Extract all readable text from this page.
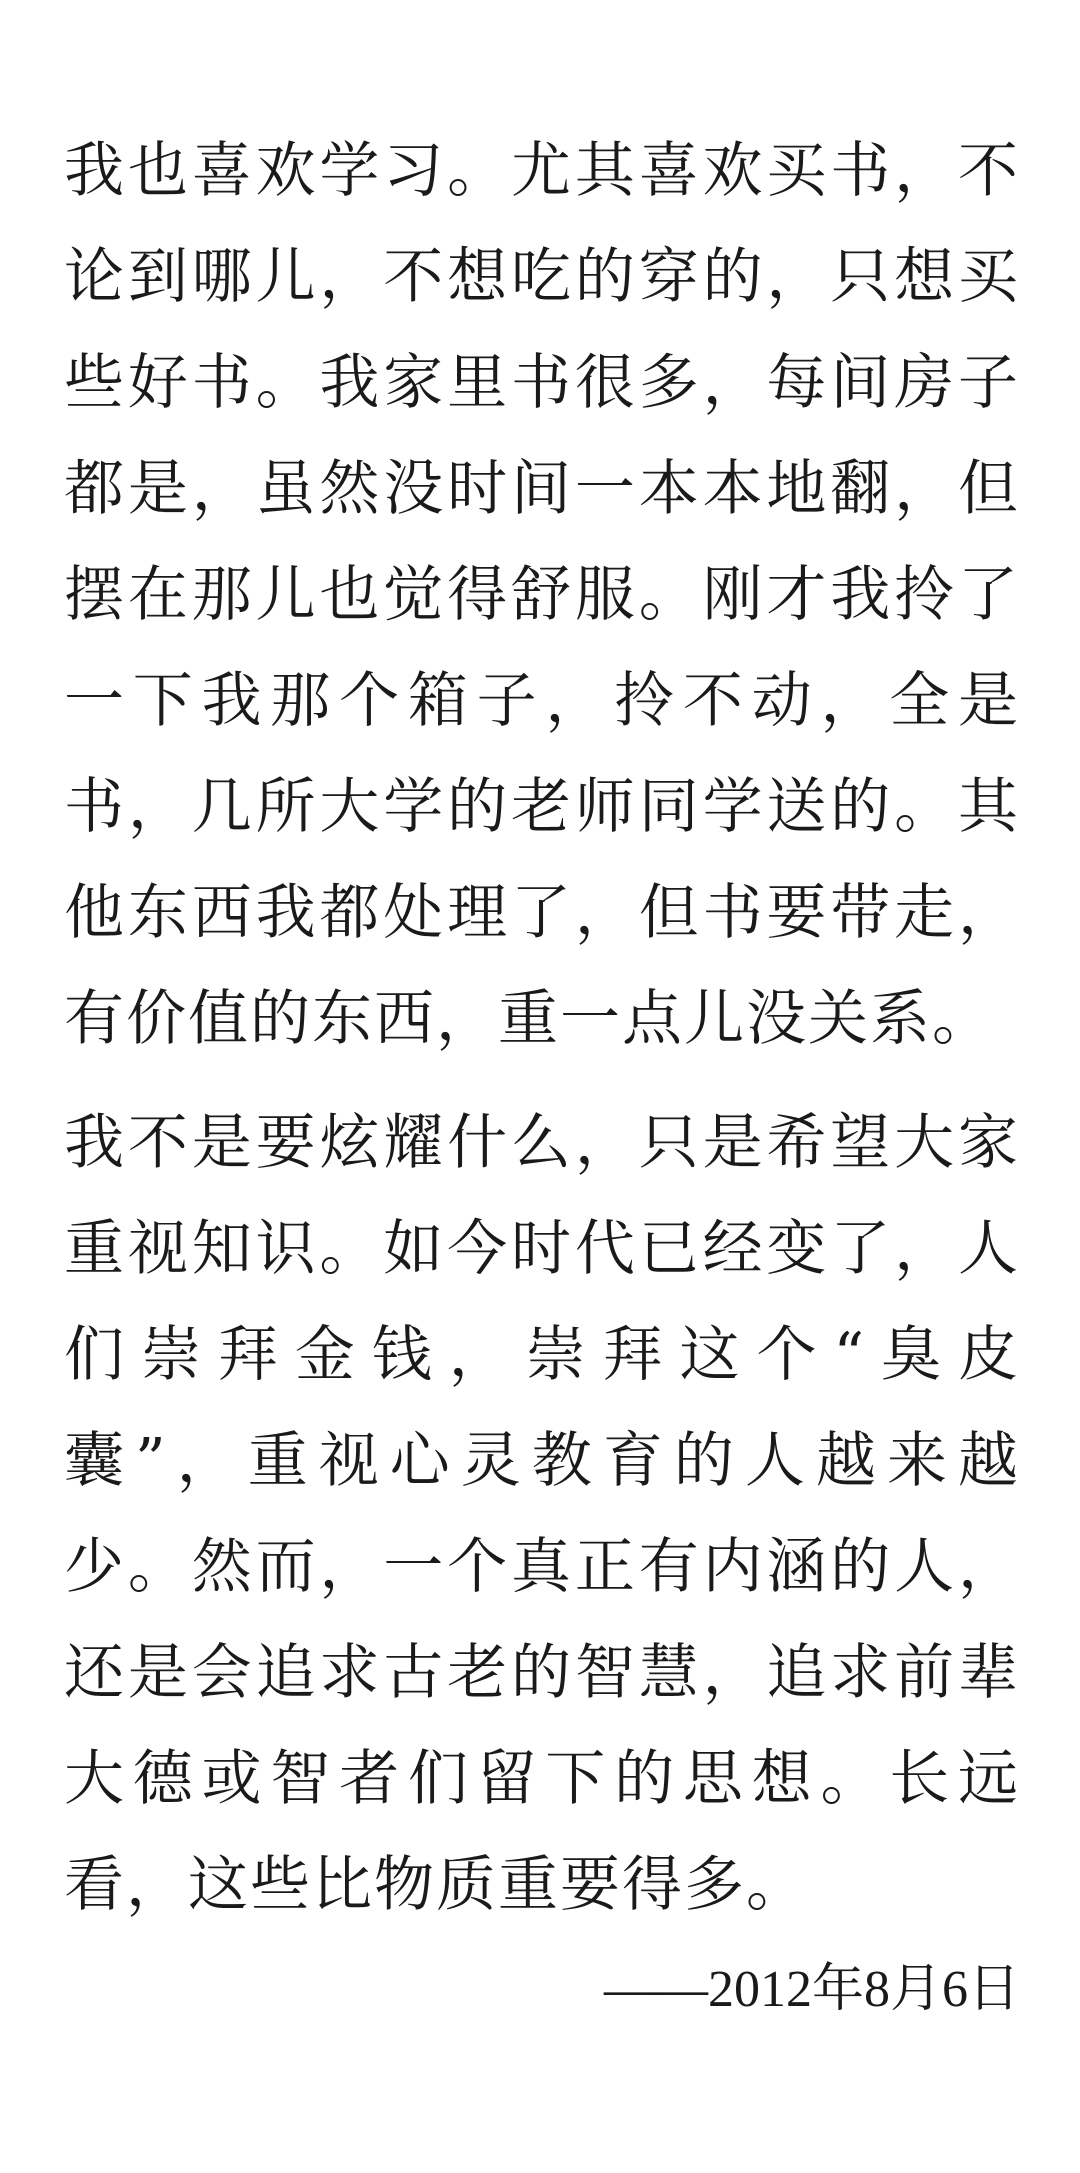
我也喜欢学习。尤其喜欢买书，不
论到哪儿，不想吃的穿的，只想买
些好书。我家里书很多，每间房子
都是，虽然没时间一本本地翻，但
摆在那儿也觉得舒服。刚才我拎了
一下我那个箱子，拎不动，全是
书，几所大学的老师同学送的。其
他东西我都处理了，但书要带走，
有价值的东西，重一点儿没关系。

我不是要炫耀什么，只是希望大家
重视知识。如今时代已经变了，人
们崇拜金钱，崇拜这个“臭皮
囊”，重视心灵教育的人越来越
少。然而，一个真正有内涵的人，
还是会追求古老的智慧，追求前辈
大德或智者们留下的思想。长远
看，这些比物质重要得多。

——2012年8月6日
